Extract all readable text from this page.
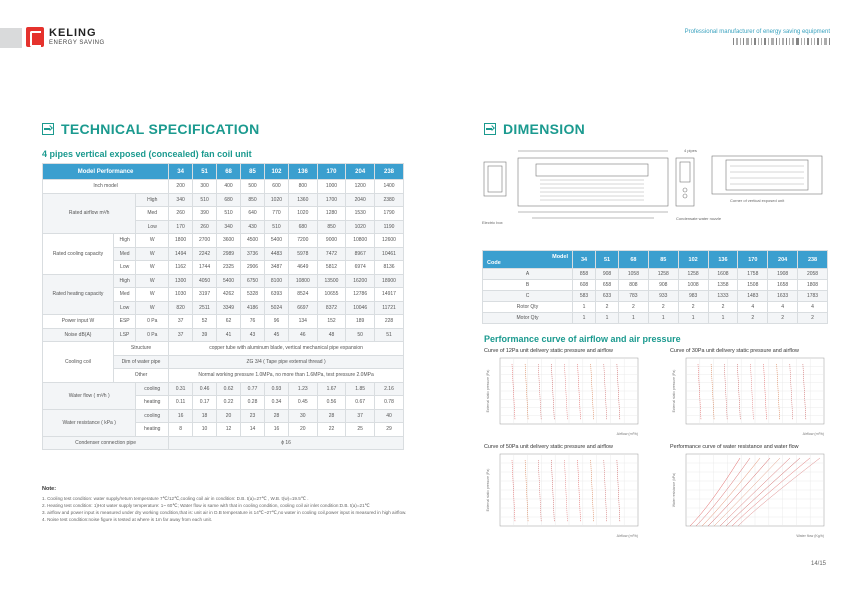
KELING
ENERGY SAVING
Professional manufacturer of energy saving equipment
TECHNICAL SPECIFICATION
4 pipes vertical exposed (concealed) fan coil unit
Model Performance			34	51	68	85	102	136	170	204	238
Inch model			200	300	400	500	600	800	1000	1200	1400
Rated airflow m³/h		High	340	510	680	850	1020	1360	1700	2040	2380
		Med	260	390	510	640	770	1020	1280	1530	1790
		Low	170	260	340	430	510	680	850	1020	1190
Rated cooling capacity	High	W	1800	2700	3600	4500	5400	7200	9000	10800	12600
	Med	W	1494	2242	2989	3736	4483	5978	7472	8967	10461
	Low	W	1162	1744	2325	2906	3487	4649	5812	6974	8136
Rated heating capacity	High	W	1300	4050	5400	6750	8100	10800	13500	16200	18900
	Med	W	1030	3197	4262	5328	6393	8524	10655	12786	14917
	Low	W	820	2511	3349	4186	5024	6697	8372	10046	11721
Power input W	ESP	0 Pa	37	52	62	76	96	134	152	189	228
Noise dB(A)	LSP	0 Pa	37	39	41	43	45	46	48	50	51
Cooling coil	Structure		copper tube with aluminum blade, vertical mechanical pipe expansion								
	Dim of water pipe		ZG 3/4 ( Tape pipe external thread )								
	Other		Normal working pressure 1.0MPa, no more than 1.6MPa, test pressure 2.0MPa								
Water flow ( m³/h )		cooling	0.31	0.46	0.62	0.77	0.93	1.23	1.67	1.85	2.16
		heating	0.11	0.17	0.22	0.28	0.34	0.45	0.56	0.67	0.78
Water resistance ( kPa )		cooling	16	18	20	23	28	30	28	37	40
		heating	8	10	12	14	16	20	22	25	29
Condenser connection pipe			ɸ 16								
Note:
1. Cooling test condition: water supply/return temperature 7℃/12℃,cooling coil air in condition: D.B. t(a)=27℃ , W.B. t(w)=19.5℃ .
2. Heating test condition: 1)Hot water supply temperature: 1~ 60℃; Water flow is same with that in cooling condition, cooling coil air inlet condition:D.B. t(a)=21℃
3. airflow and power input is measured under dry working condition,that is: unit air in D.B temperature is 14℃~27℃,no water in cooling coil,power input is measured in high airflow.
4. Noise test condition:noise figure is tested at where is 1m far away from each unit.
DIMENSION
Electric box
4 pipes
Condensate water nozzle
Corner of vertical exposed unit
Model
Code	34	51	68	85	102	136	170	204	238
A	858	908	1058	1258	1258	1608	1758	1908	2058
B	608	658	808	908	1008	1358	1508	1658	1808
C	583	633	783	933	983	1333	1483	1633	1783
Rotor Qty	1	2	2	2	2	2	4	4	4
Motor Qty	1	1	1	1	1	1	2	2	2
Performance curve of airflow and air pressure
Curve of 12Pa unit delivery static pressure and airflow
External static pressure (Pa)
Airflow (m³/h)
Curve of 30Pa unit delivery static pressure and airflow
External static pressure (Pa)
Airflow (m³/h)
Curve of 50Pa unit delivery static pressure and airflow
External static pressure (Pa)
Airflow (m³/h)
Performance curve of water resistance and water flow
Water resistance (kPa)
Water flow (Kg/h)
14/15
